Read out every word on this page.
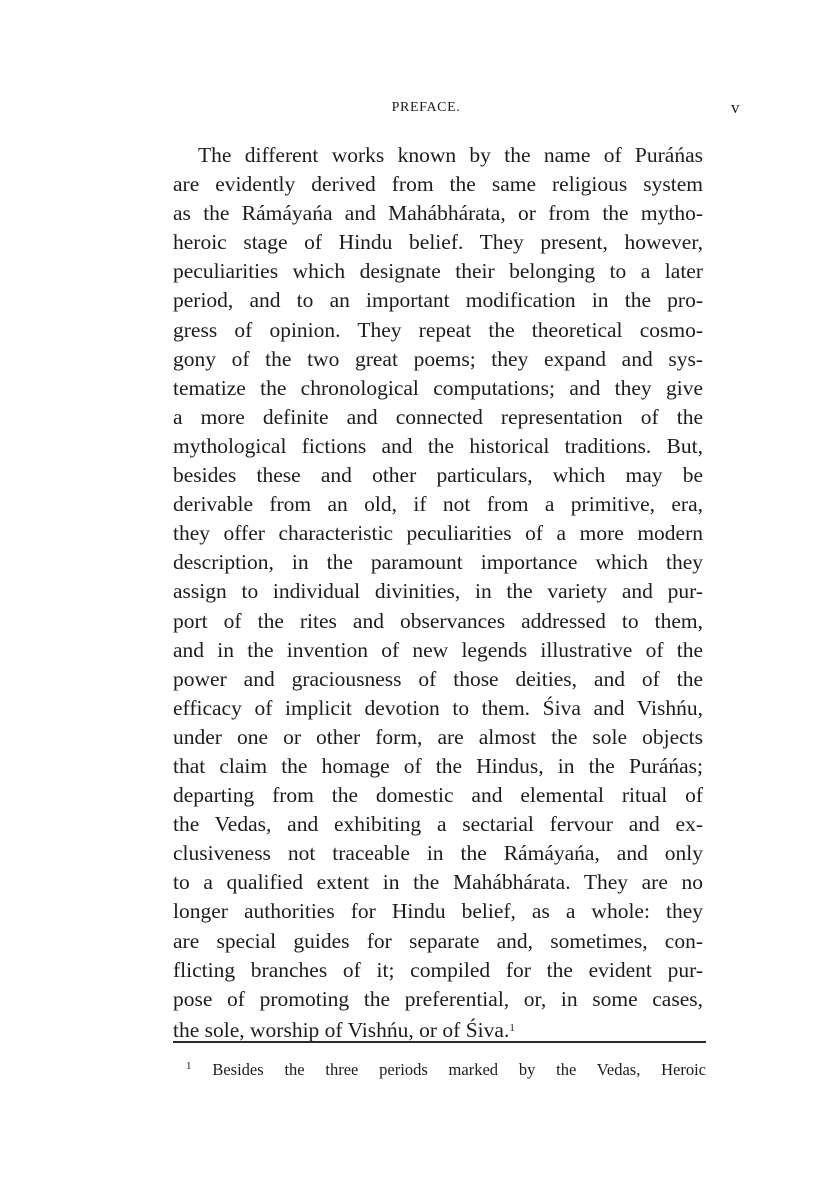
PREFACE.	v
The different works known by the name of Puráńas
are evidently derived from the same religious system
as the Rámáyańa and Mahábhárata, or from the mytho-
heroic stage of Hindu belief. They present, however,
peculiarities which designate their belonging to a later
period, and to an important modification in the pro-
gress of opinion. They repeat the theoretical cosmo-
gony of the two great poems; they expand and sys-
tematize the chronological computations; and they give
a more definite and connected representation of the
mythological fictions and the historical traditions. But,
besides these and other particulars, which may be
derivable from an old, if not from a primitive, era,
they offer characteristic peculiarities of a more modern
description, in the paramount importance which they
assign to individual divinities, in the variety and pur-
port of the rites and observances addressed to them,
and in the invention of new legends illustrative of the
power and graciousness of those deities, and of the
efficacy of implicit devotion to them. Śiva and Vishńu,
under one or other form, are almost the sole objects
that claim the homage of the Hindus, in the Puráńas;
departing from the domestic and elemental ritual of
the Vedas, and exhibiting a sectarial fervour and ex-
clusiveness not traceable in the Rámáyańa, and only
to a qualified extent in the Mahábhárata. They are no
longer authorities for Hindu belief, as a whole: they
are special guides for separate and, sometimes, con-
flicting branches of it; compiled for the evident pur-
pose of promoting the preferential, or, in some cases,
the sole, worship of Vishńu, or of Śiva.$^1$
$^1$ Besides the three periods marked by the Vedas, Heroic
